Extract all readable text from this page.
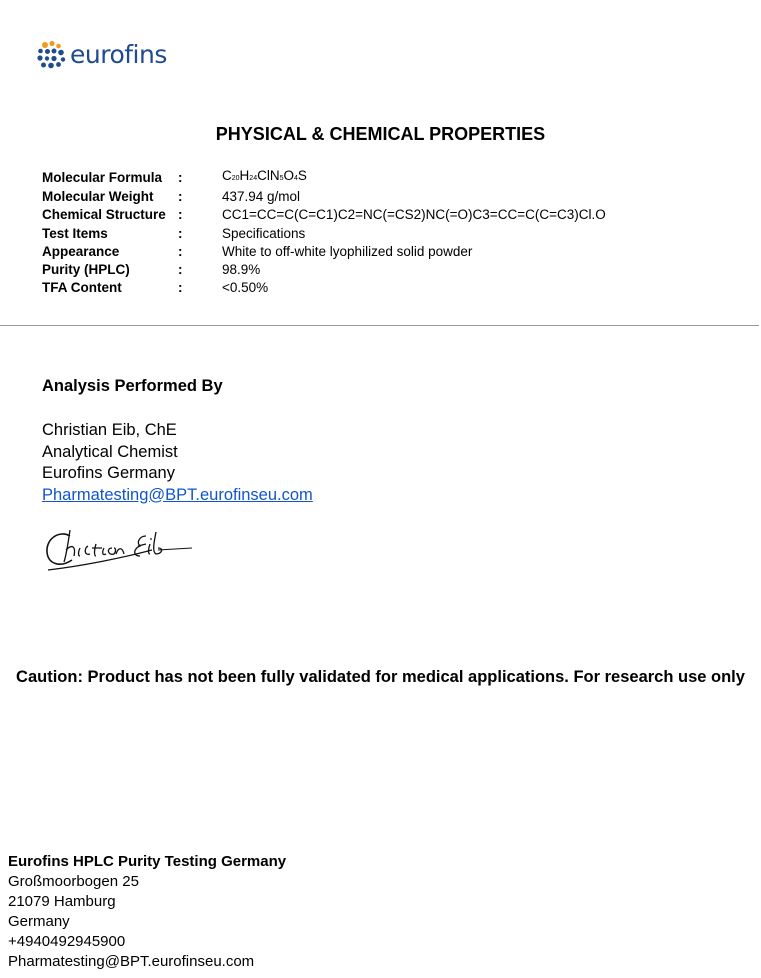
eurofins
PHYSICAL & CHEMICAL PROPERTIES
Molecular Formula	:	C20H24ClN5O4S
Molecular Weight	:	437.94 g/mol
Chemical Structure	:	CC1=CC=C(C=C1)C2=NC(=CS2)NC(=O)C3=CC=C(C=C3)Cl.O
Test Items	:	Specifications
Appearance	:	White to off-white lyophilized solid powder
Purity (HPLC)	:	98.9%
TFA Content	:	<0.50%
Analysis Performed By
Christian Eib, ChE
Analytical Chemist
Eurofins Germany
Pharmatesting@BPT.eurofinseu.com
Caution: Product has not been fully validated for medical applications. For research use only
Eurofins HPLC Purity Testing Germany
Großmoorbogen 25
21079 Hamburg
Germany
+4940492945900
Pharmatesting@BPT.eurofinseu.com
